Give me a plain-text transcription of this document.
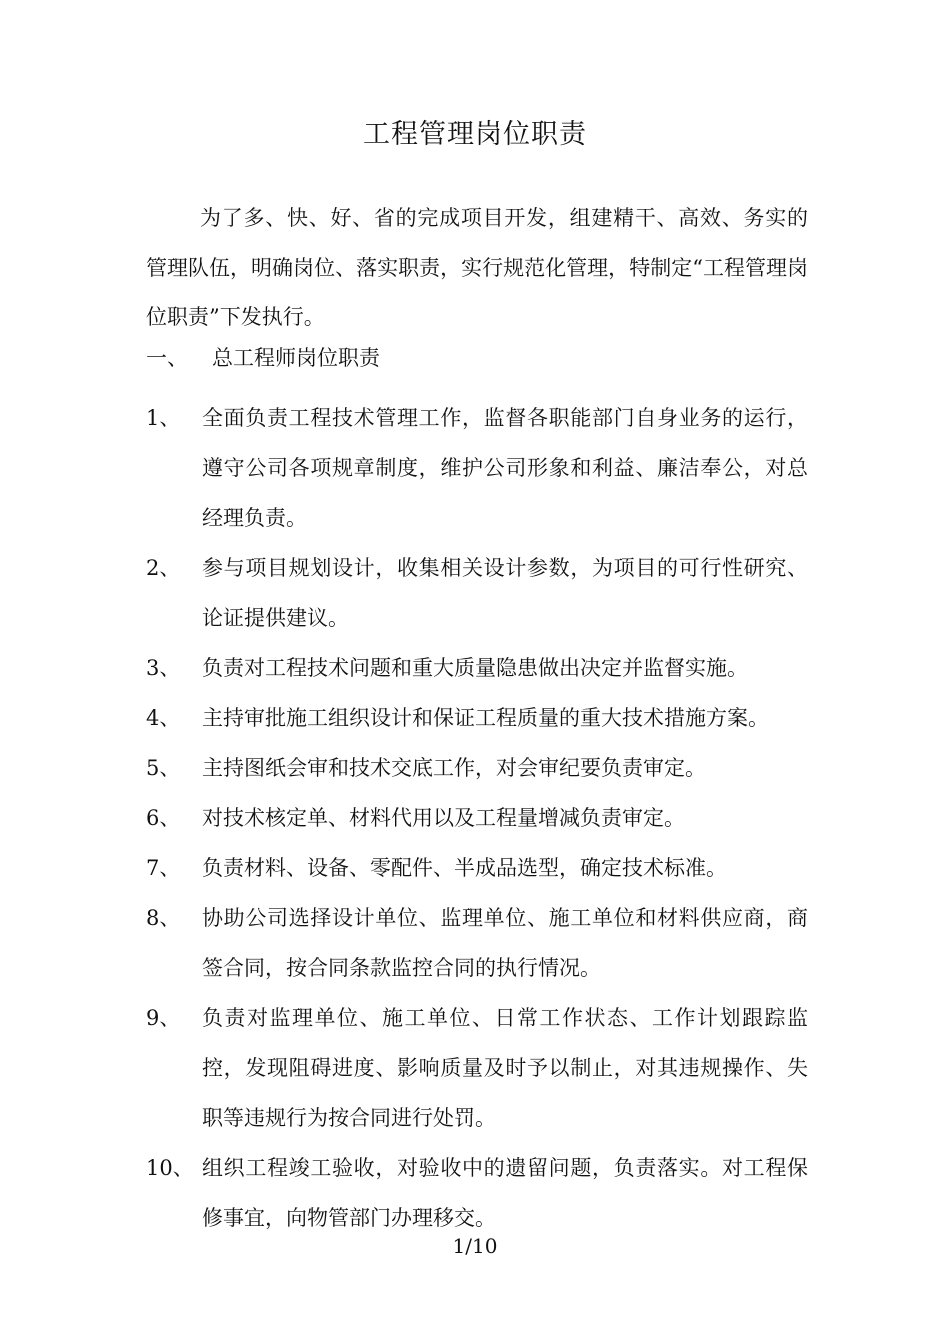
工程管理岗位职责
为了多、快、好、省的完成项目开发，组建精干、高效、务实的管理队伍，明确岗位、落实职责，实行规范化管理，特制定“工程管理岗位职责”下发执行。
一、 总工程师岗位职责
1、	全面负责工程技术管理工作，监督各职能部门自身业务的运行，遵守公司各项规章制度，维护公司形象和利益、廉洁奉公，对总经理负责。
2、	参与项目规划设计，收集相关设计参数，为项目的可行性研究、论证提供建议。
3、	负责对工程技术问题和重大质量隐患做出决定并监督实施。
4、	主持审批施工组织设计和保证工程质量的重大技术措施方案。
5、	主持图纸会审和技术交底工作，对会审纪要负责审定。
6、	对技术核定单、材料代用以及工程量增减负责审定。
7、	负责材料、设备、零配件、半成品选型，确定技术标准。
8、	协助公司选择设计单位、监理单位、施工单位和材料供应商，商签合同，按合同条款监控合同的执行情况。
9、	负责对监理单位、施工单位、日常工作状态、工作计划跟踪监控，发现阻碍进度、影响质量及时予以制止，对其违规操作、失职等违规行为按合同进行处罚。
10、 组织工程竣工验收，对验收中的遗留问题，负责落实。对工程保修事宜，向物管部门办理移交。
1/10
